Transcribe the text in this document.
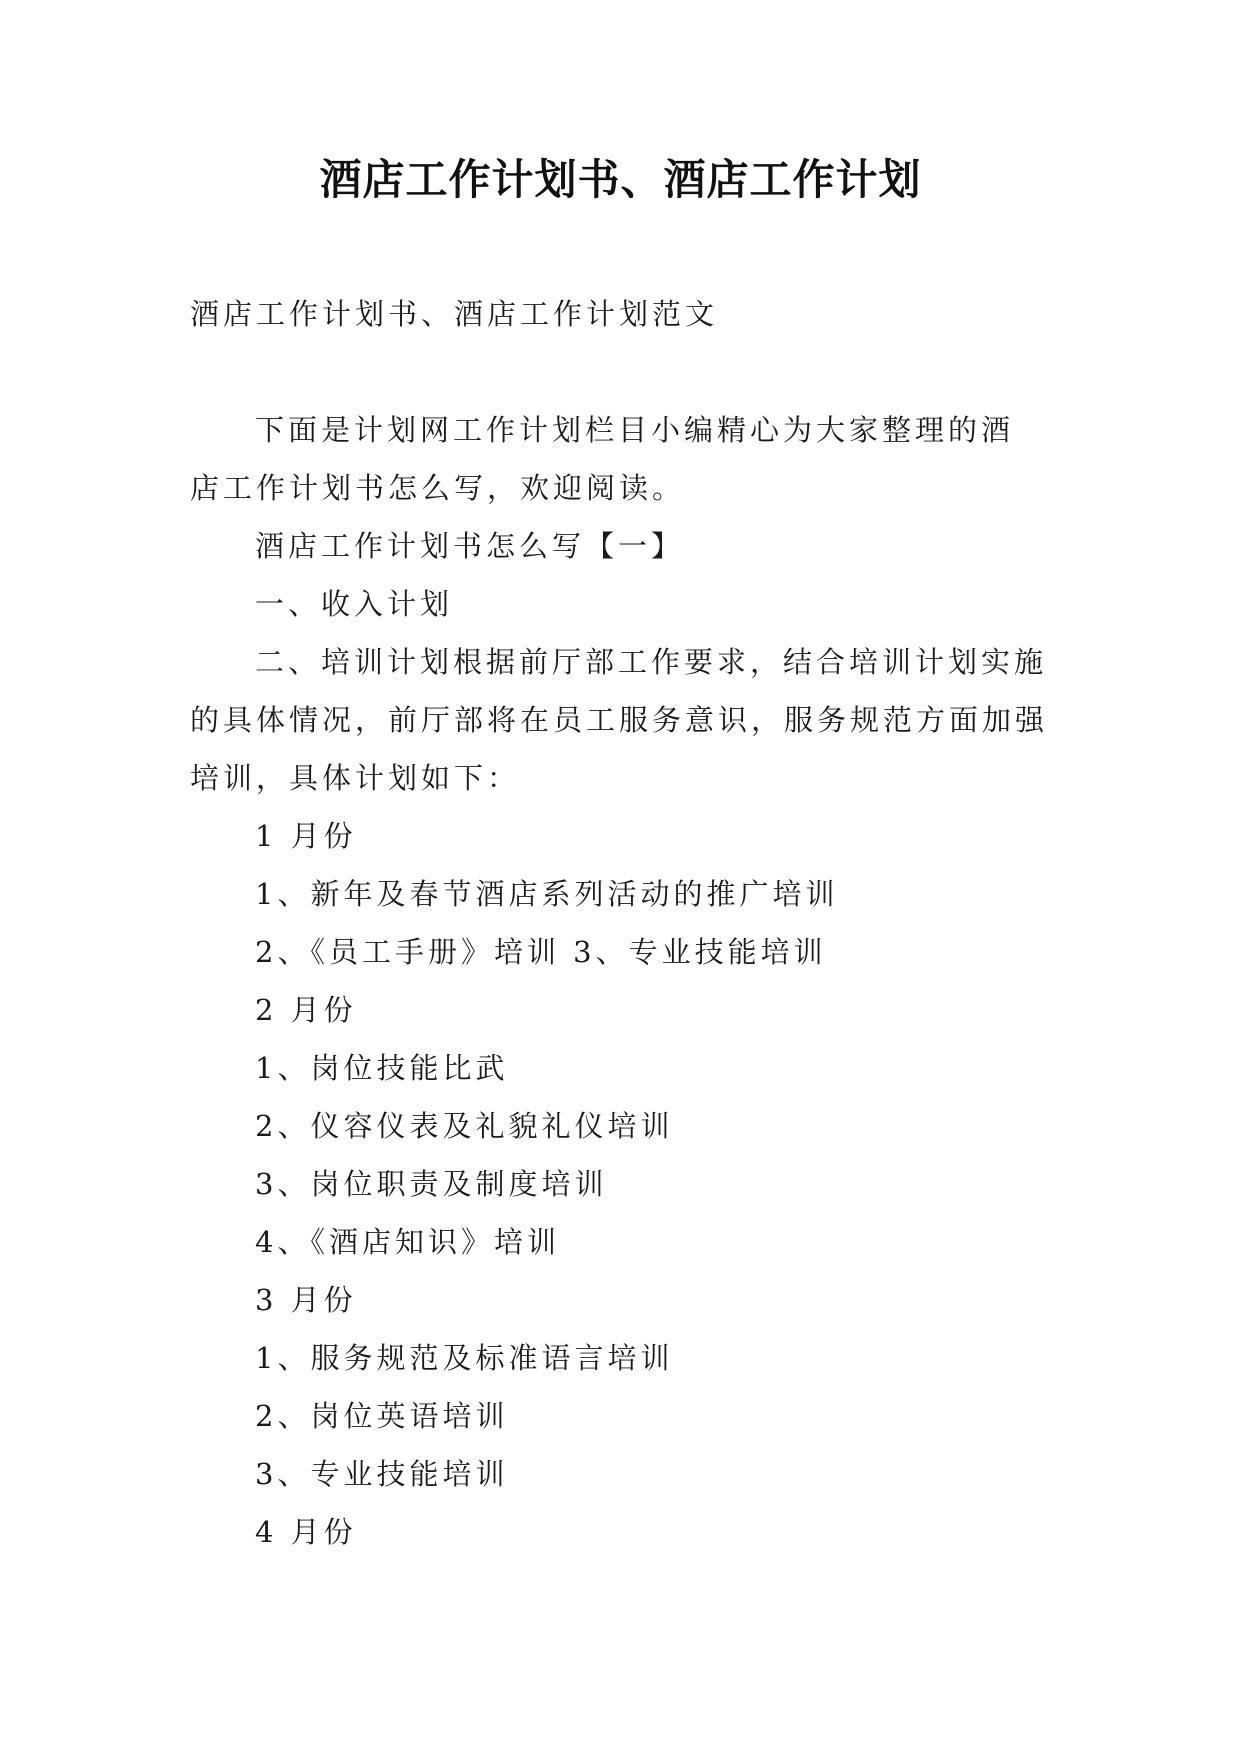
酒店工作计划书、酒店工作计划
酒店工作计划书、酒店工作计划范文
下面是计划网工作计划栏目小编精心为大家整理的酒
店工作计划书怎么写，欢迎阅读。
酒店工作计划书怎么写【一】
一、收入计划
二、培训计划根据前厅部工作要求，结合培训计划实施
的具体情况，前厅部将在员工服务意识，服务规范方面加强
培训，具体计划如下：
1 月份
1、新年及春节酒店系列活动的推广培训
2、《员工手册》培训 3、专业技能培训
2 月份
1、岗位技能比武
2、仪容仪表及礼貌礼仪培训
3、岗位职责及制度培训
4、《酒店知识》培训
3 月份
1、服务规范及标准语言培训
2、岗位英语培训
3、专业技能培训
4 月份
